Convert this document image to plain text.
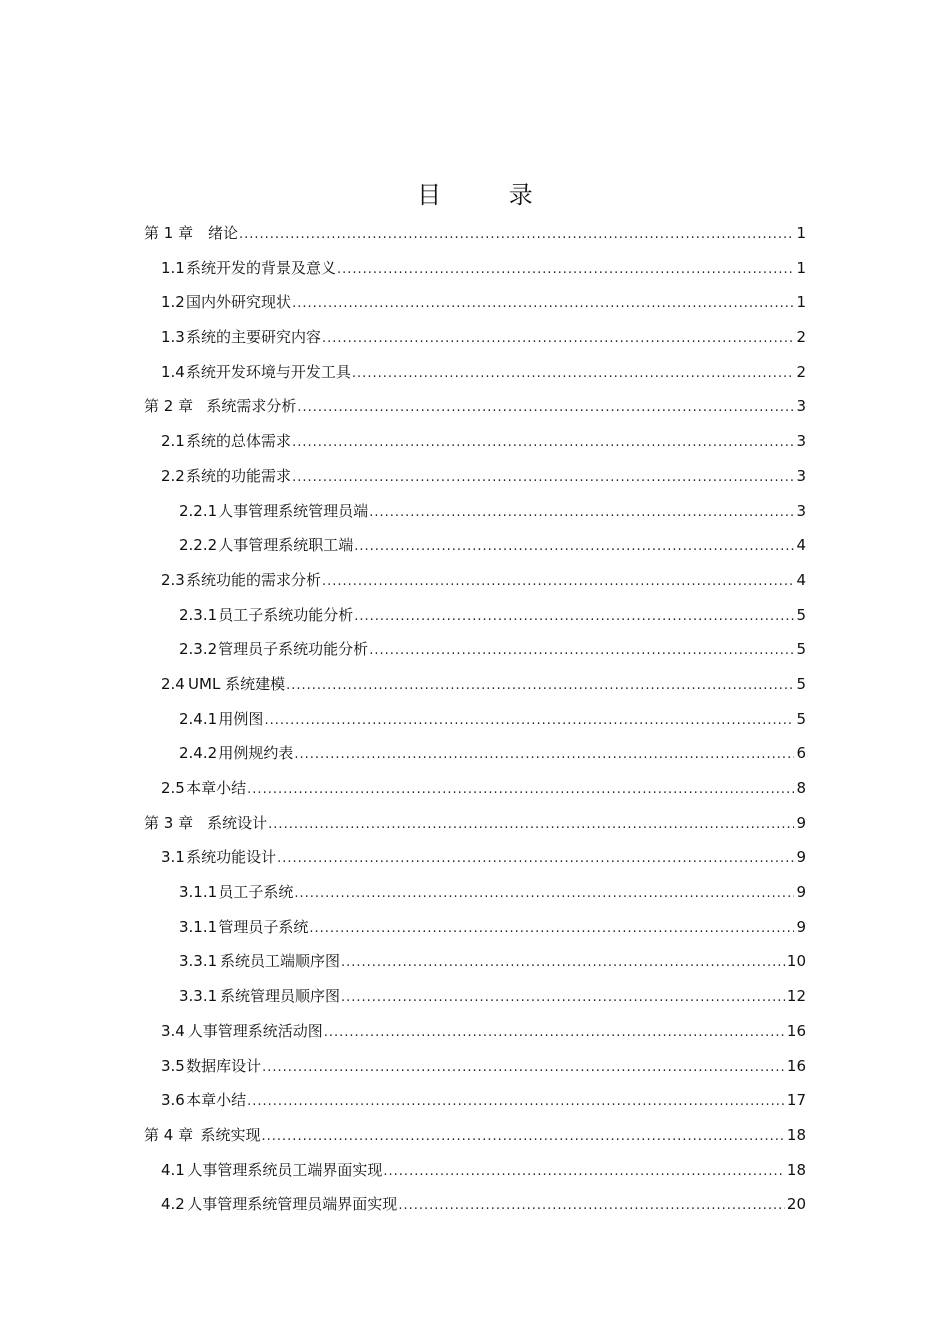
目 录
第 1 章 绪论 .....	1
1.1 系统开发的背景及意义 .....	1
1.2 国内外研究现状 .....	1
1.3 系统的主要研究内容 .....	2
1.4 系统开发环境与开发工具 .....	2
第 2 章 系统需求分析 .....	3
2.1 系统的总体需求 .....	3
2.2 系统的功能需求 .....	3
2.2.1 人事管理系统管理员端 .....	3
2.2.2 人事管理系统职工端 .....	4
2.3 系统功能的需求分析 .....	4
2.3.1 员工子系统功能分析 .....	5
2.3.2 管理员子系统功能分析 .....	5
2.4 UML 系统建模 .....	5
2.4.1 用例图 .....	5
2.4.2 用例规约表 .....	6
2.5 本章小结 .....	8
第 3 章 系统设计 .....	9
3.1 系统功能设计 .....	9
3.1.1 员工子系统 .....	9
3.1.1 管理员子系统 .....	9
3.3.1 系统员工端顺序图 .....	10
3.3.1 系统管理员顺序图 .....	12
3.4 人事管理系统活动图 .....	16
3.5 数据库设计 .....	16
3.6 本章小结 .....	17
第 4 章 系统实现 .....	18
4.1 人事管理系统员工端界面实现 .....	18
4.2 人事管理系统管理员端界面实现 .....	20
